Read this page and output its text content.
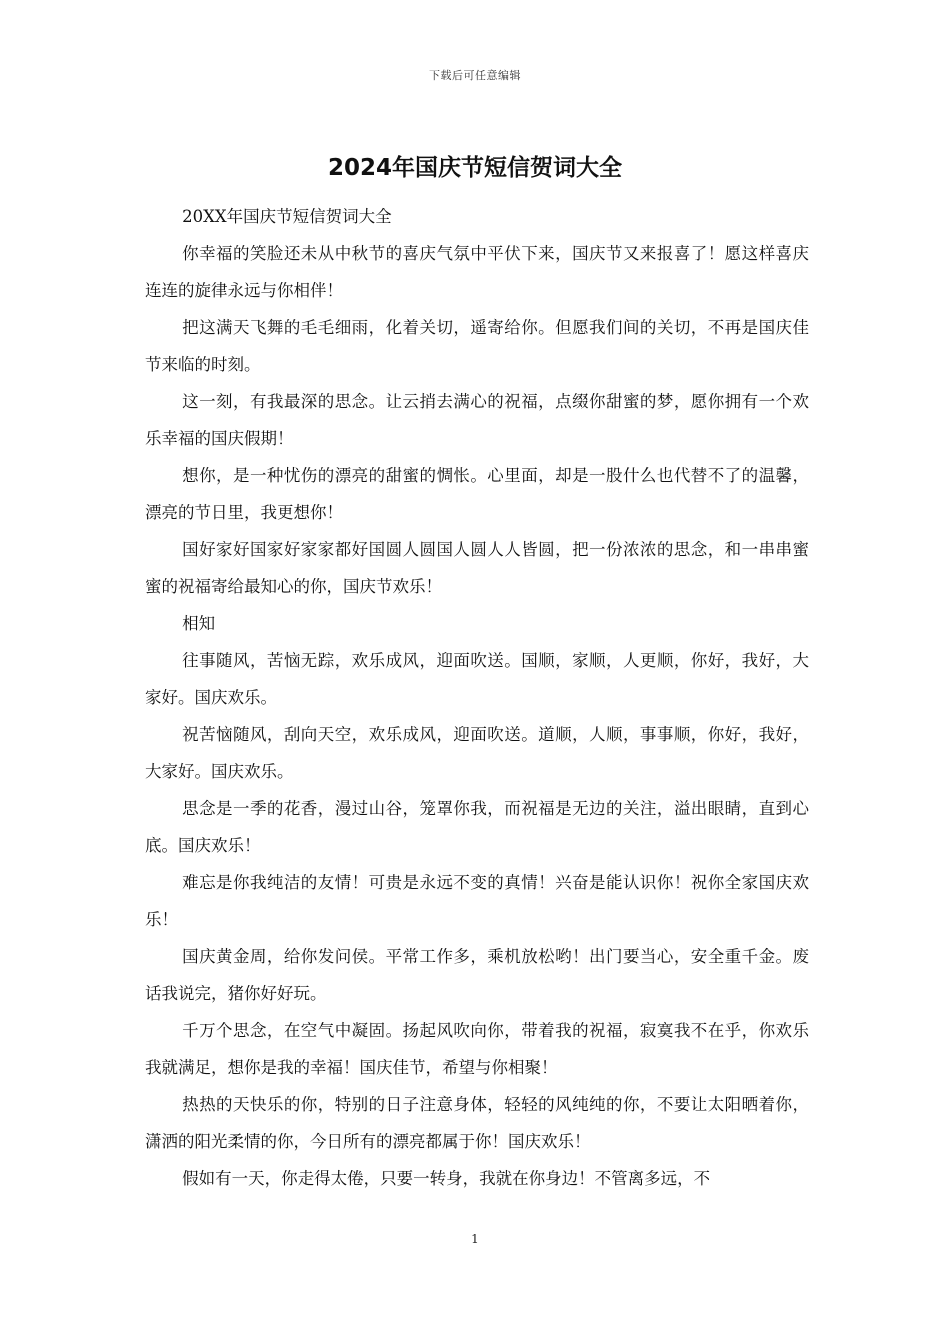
下载后可任意编辑
2024年国庆节短信贺词大全

20XX年国庆节短信贺词大全

你幸福的笑脸还未从中秋节的喜庆气氛中平伏下来，国庆节又来报喜了！愿这样喜庆连连的旋律永远与你相伴！

把这满天飞舞的毛毛细雨，化着关切，遥寄给你。但愿我们间的关切，不再是国庆佳节来临的时刻。

这一刻，有我最深的思念。让云捎去满心的祝福，点缀你甜蜜的梦，愿你拥有一个欢乐幸福的国庆假期！

想你，是一种忧伤的漂亮的甜蜜的惆怅。心里面，却是一股什么也代替不了的温馨，漂亮的节日里，我更想你！

国好家好国家好家家都好国圆人圆国人圆人人皆圆，把一份浓浓的思念，和一串串蜜蜜的祝福寄给最知心的你，国庆节欢乐！

相知

往事随风，苦恼无踪，欢乐成风，迎面吹送。国顺，家顺，人更顺，你好，我好，大家好。国庆欢乐。

祝苦恼随风，刮向天空，欢乐成风，迎面吹送。道顺，人顺，事事顺，你好，我好，大家好。国庆欢乐。

思念是一季的花香，漫过山谷，笼罩你我，而祝福是无边的关注，溢出眼睛，直到心底。国庆欢乐！

难忘是你我纯洁的友情！可贵是永远不变的真情！兴奋是能认识你！祝你全家国庆欢乐！

国庆黄金周，给你发问侯。平常工作多，乘机放松哟！出门要当心，安全重千金。废话我说完，猪你好好玩。

千万个思念，在空气中凝固。扬起风吹向你，带着我的祝福，寂寞我不在乎，你欢乐我就满足，想你是我的幸福！国庆佳节，希望与你相聚！

热热的天快乐的你，特别的日子注意身体，轻轻的风纯纯的你，不要让太阳晒着你，潇洒的阳光柔情的你，今日所有的漂亮都属于你！国庆欢乐！

假如有一天，你走得太倦，只要一转身，我就在你身边！不管离多远，不

1
